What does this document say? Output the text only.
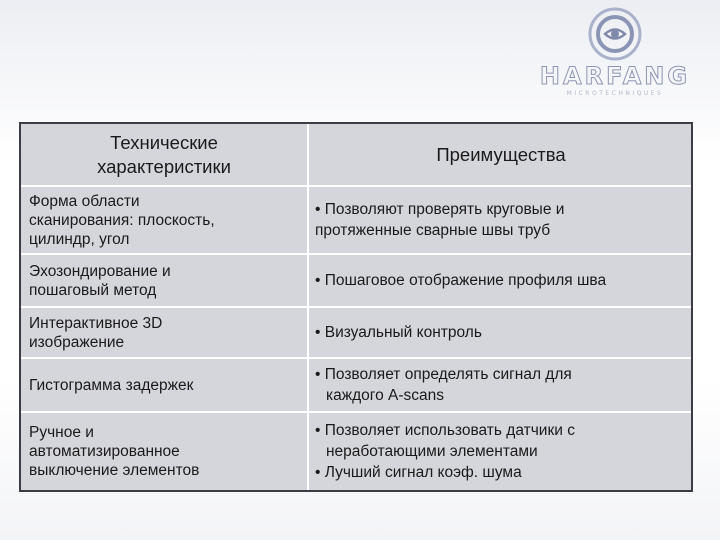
HARFANG
MICROTECHNIQUES
Технические
характеристики
Преимущества
Форма области
сканирования: плоскость,
цилиндр, угол
• Позволяют проверять круговые и
протяженные сварные швы труб
Эхозондирование и
пошаговый метод
• Пошаговое отображение профиля шва
Интерактивное 3D
изображение
• Визуальный контроль
Гистограмма задержек
• Позволяет определять сигнал для
каждого A-scans
Ручное и
автоматизированное
выключение элементов
• Позволяет использовать датчики с
неработающими элементами
• Лучший сигнал коэф. шума
